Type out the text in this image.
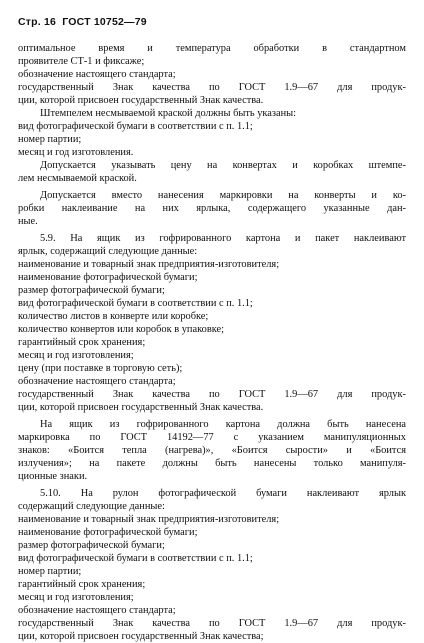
Стр. 16 ГОСТ 10752—79
оптимальное время и температура обработки в стандартном
проявителе СТ-1 и фиксаже;
обозначение настоящего стандарта;
государственный Знак качества по ГОСТ 1.9—67 для продук-
ции, которой присвоен государственный Знак качества.
Штемпелем несмываемой краской должны быть указаны:
вид фотографической бумаги в соответствии с п. 1.1;
номер партии;
месяц и год изготовления.
Допускается указывать цену на конвертах и коробках штемпе-
лем несмываемой краской.
Допускается вместо нанесения маркировки на конверты и ко-
робки наклеивание на них ярлыка, содержащего указанные дан-
ные.
5.9. На ящик из гофрированного картона и пакет наклеивают
ярлык, содержащий следующие данные:
наименование и товарный знак предприятия-изготовителя;
наименование фотографической бумаги;
размер фотографической бумаги;
вид фотографической бумаги в соответствии с п. 1.1;
количество листов в конверте или коробке;
количество конвертов или коробок в упаковке;
гарантийный срок хранения;
месяц и год изготовления;
цену (при поставке в торговую сеть);
обозначение настоящего стандарта;
государственный Знак качества по ГОСТ 1.9—67 для продук-
ции, которой присвоен государственный Знак качества.
На ящик из гофрированного картона должна быть нанесена
маркировка по ГОСТ 14192—77 с указанием манипуляционных
знаков: «Боится тепла (нагрева)», «Боится сырости» и «Боится
излучения»; на пакете должны быть нанесены только манипуля-
ционные знаки.
5.10. На рулон фотографической бумаги наклеивают ярлык
содержащий следующие данные:
наименование и товарный знак предприятия-изготовителя;
наименование фотографической бумаги;
размер фотографической бумаги;
вид фотографической бумаги в соответствии с п. 1.1;
номер партии;
гарантийный срок хранения;
месяц и год изготовления;
обозначение настоящего стандарта;
государственный Знак качества по ГОСТ 1.9—67 для продук-
ции, которой присвоен государственный Знак качества;
